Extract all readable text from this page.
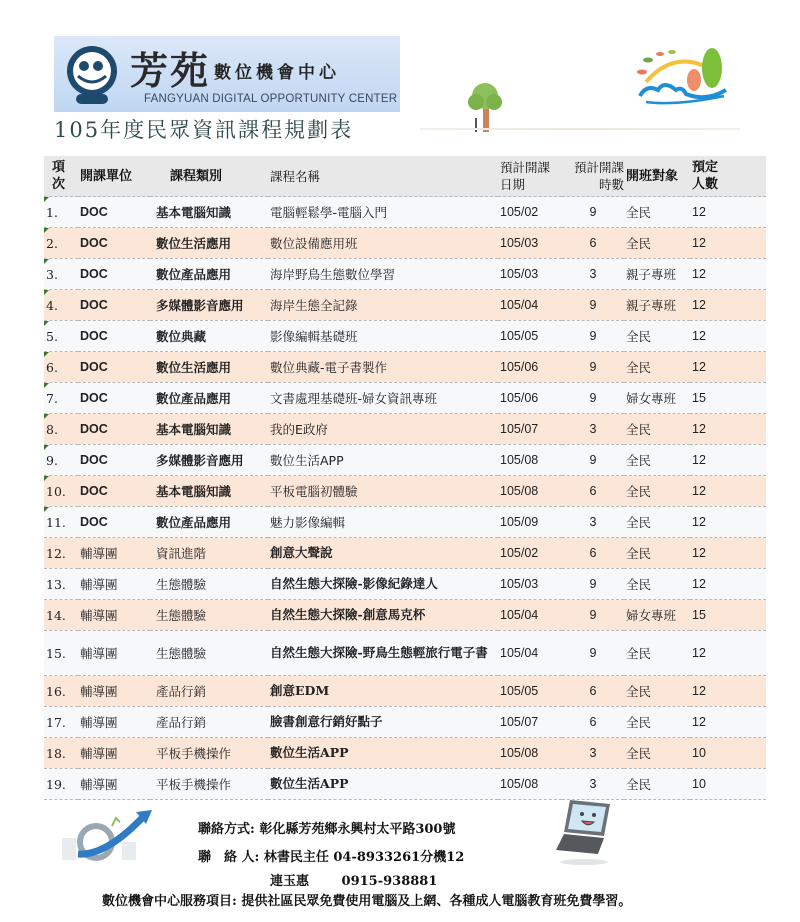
芳苑 數位機會中心
FANGYUAN DIGITAL OPPORTUNITY CENTER
105年度民眾資訊課程規劃表
項次	開課單位	課程類別	課程名稱	預計開課日期	預計開課時數	開班對象	預定人數

1.	DOC	基本電腦知識	電腦輕鬆學-電腦入門	105/02	9	全民	12

2.	DOC	數位生活應用	數位設備應用班	105/03	6	全民	12

3.	DOC	數位產品應用	海岸野鳥生態數位學習	105/03	3	親子專班	12

4.	DOC	多媒體影音應用	海岸生態全記錄	105/04	9	親子專班	12

5.	DOC	數位典藏	影像編輯基礎班	105/05	9	全民	12

6.	DOC	數位生活應用	數位典藏-電子書製作	105/06	9	全民	12

7.	DOC	數位產品應用	文書處理基礎班-婦女資訊專班	105/06	9	婦女專班	15

8.	DOC	基本電腦知識	我的E政府	105/07	3	全民	12

9.	DOC	多媒體影音應用	數位生活APP	105/08	9	全民	12

10.	DOC	基本電腦知識	平板電腦初體驗	105/08	6	全民	12

11.	DOC	數位產品應用	魅力影像編輯	105/09	3	全民	12
12.	輔導團	資訊進階	創意大聲說	105/02	6	全民	12
13.	輔導團	生態體驗	自然生態大探險-影像紀錄達人	105/03	9	全民	12
14.	輔導團	生態體驗	自然生態大探險-創意馬克杯	105/04	9	婦女專班	15
15.	輔導團	生態體驗	自然生態大探險-野鳥生態輕旅行電子書	105/04	9	全民	12
16.	輔導團	產品行銷	創意EDM	105/05	6	全民	12
17.	輔導團	產品行銷	臉書創意行銷好點子	105/07	6	全民	12
18.	輔導團	平板手機操作	數位生活APP	105/08	3	全民	10
19.	輔導團	平板手機操作	數位生活APP	105/08	3	全民	10
聯絡方式: 彰化縣芳苑鄉永興村太平路300號
聯　絡 人: 林書民主任 04-8933261分機12
連玉惠	0915-938881
數位機會中心服務項目: 提供社區民眾免費使用電腦及上網、各種成人電腦教育班免費學習。
